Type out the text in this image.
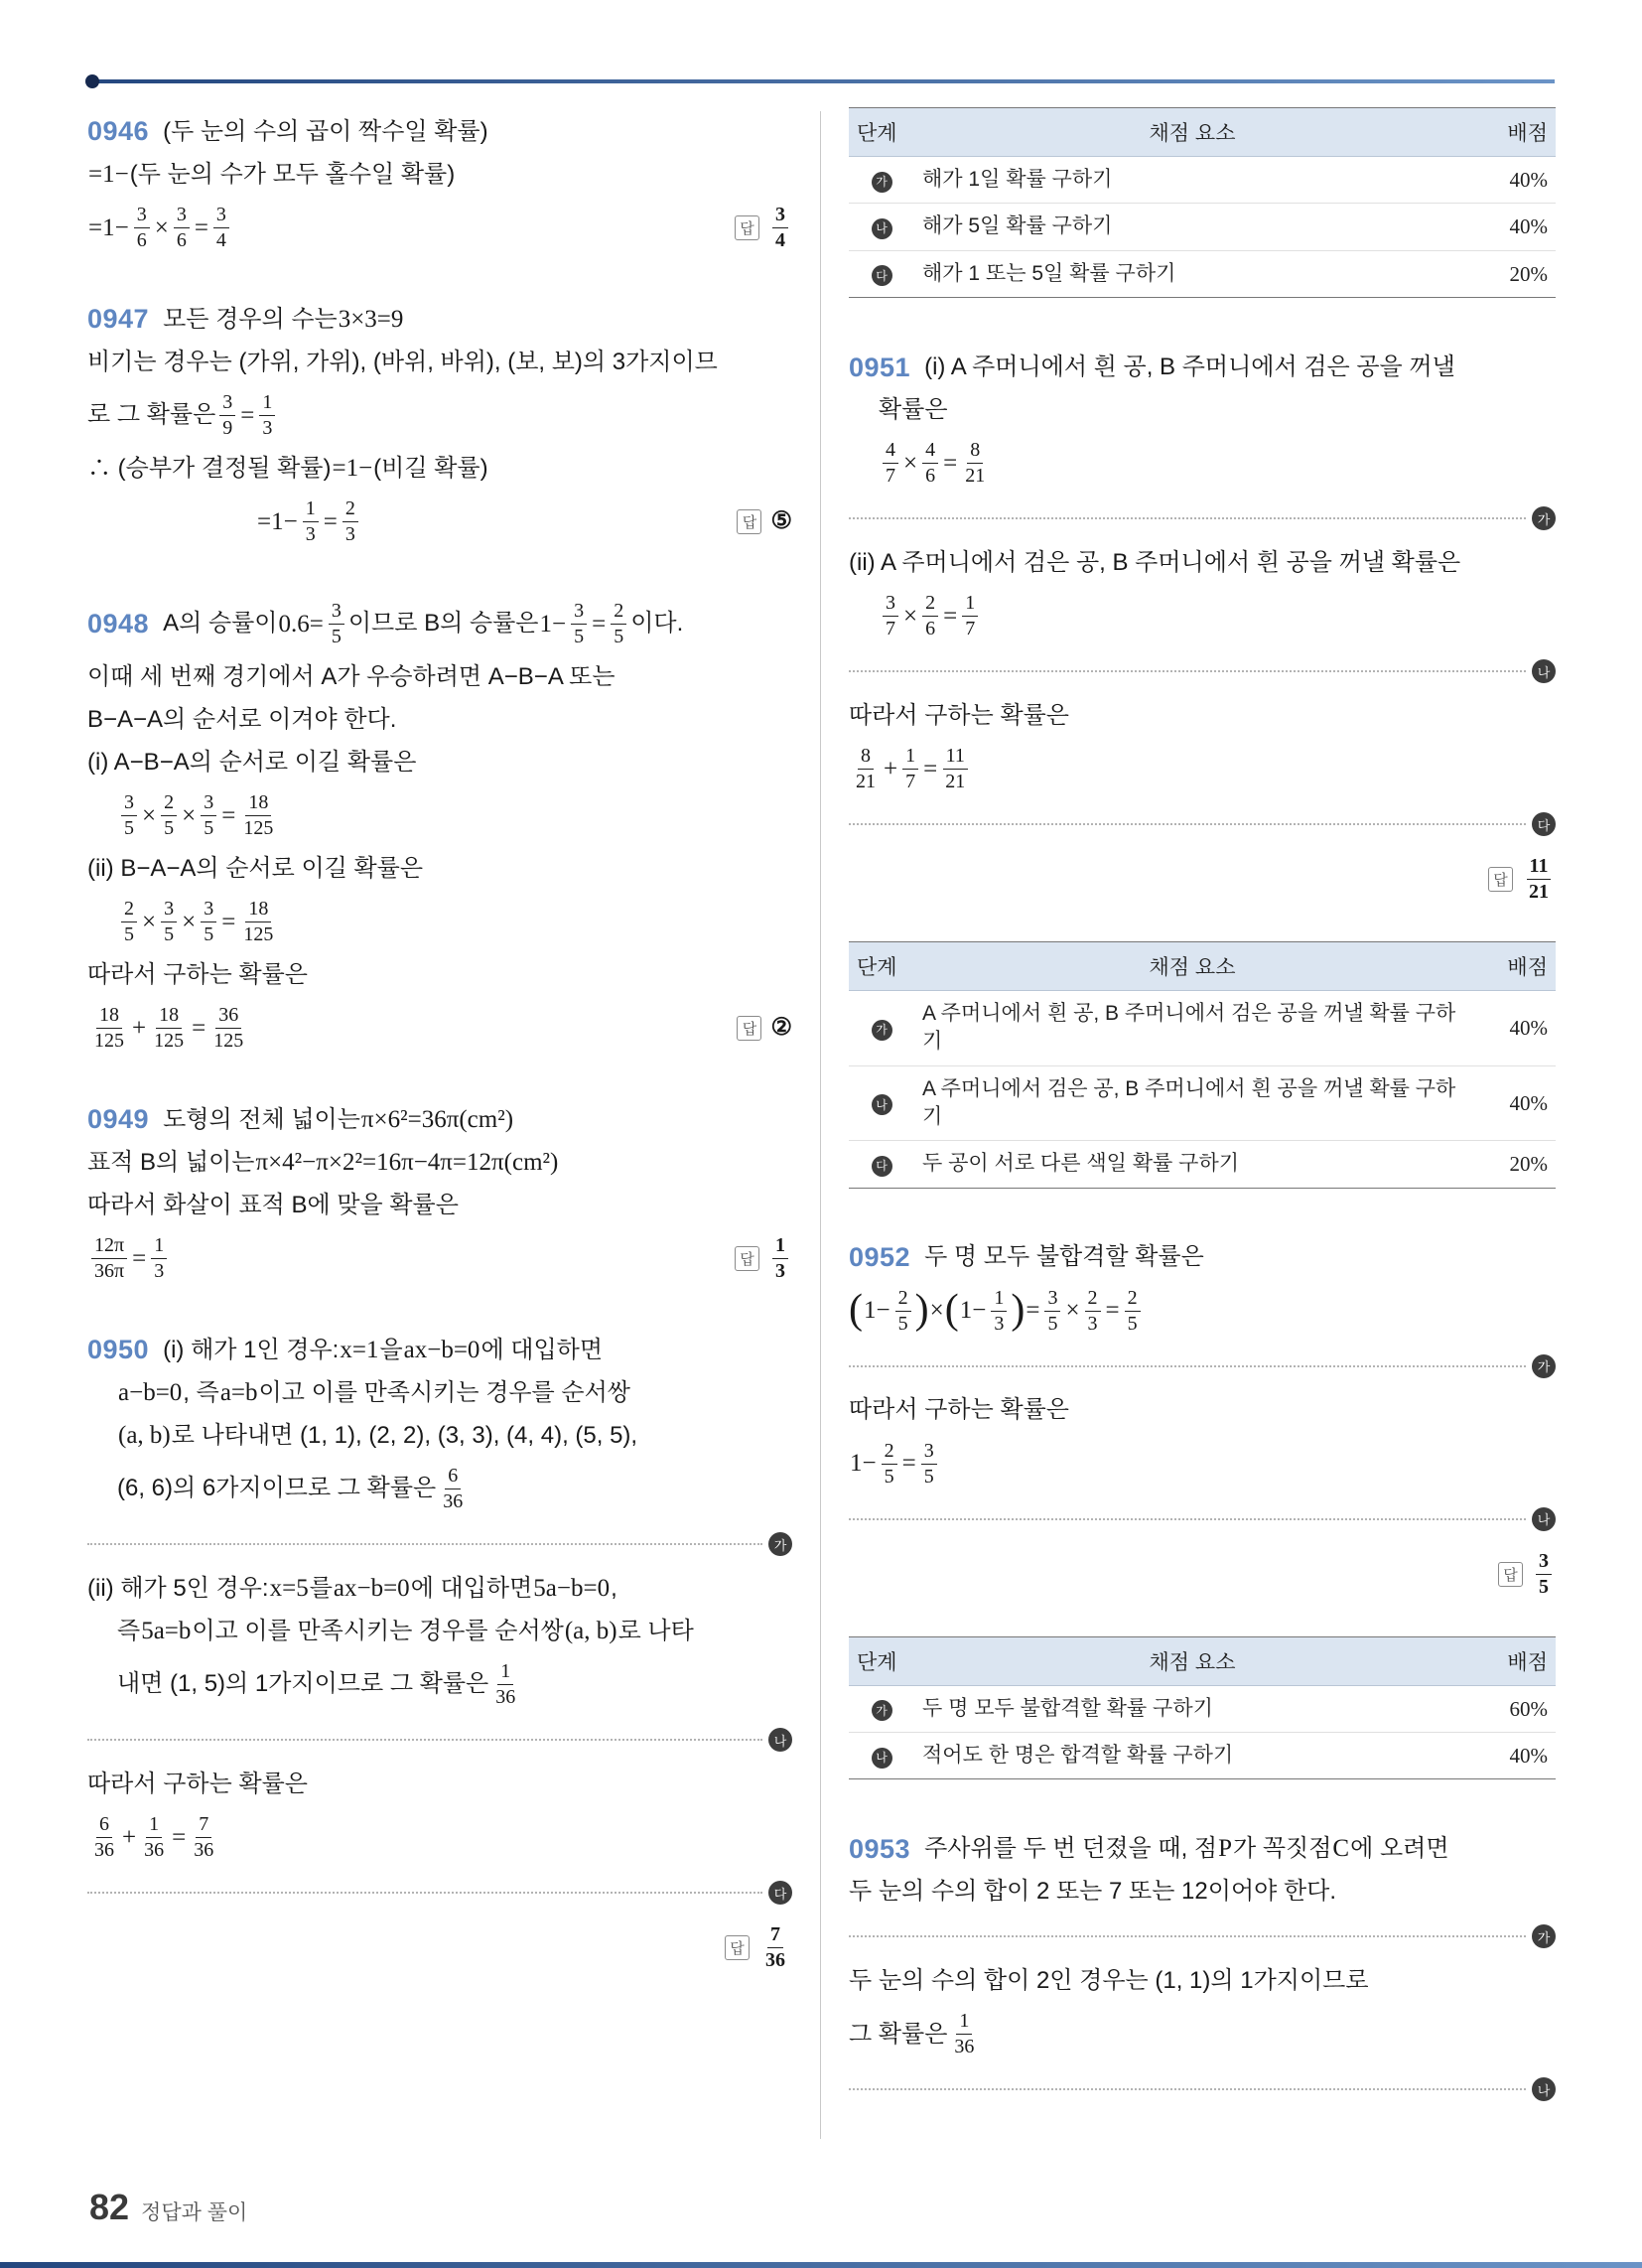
0946 (두 눈의 수의 곱이 짝수일 확률)
=1− (두 눈의 수가 모두 홀수일 확률)
$=1- \frac{3}{6} \times \frac{3}{6} = \frac{3}{4}$	답 $\frac{3}{4}$
0947 모든 경우의 수는 3×3=9
비기는 경우는 (가위, 가위), (바위, 바위), (보, 보)의 3가지이므
로 그 확률은 $\frac{3}{9} = \frac{1}{3}$
∴ (승부가 결정될 확률) =1− (비길 확률)
$=1- \frac{1}{3} = \frac{2}{3}$	답 ⑤
0948 A의 승률이 $0.6= \frac{3}{5}$ 이므로 B의 승률은 $1- \frac{3}{5} = \frac{2}{5}$ 이다.
이때 세 번째 경기에서 A가 우승하려면 A−B−A 또는
B−A−A의 순서로 이겨야 한다.
(i) A−B−A의 순서로 이길 확률은
$\frac{3}{5} \times \frac{2}{5} \times \frac{3}{5} = \frac{18}{125}$
(ii) B−A−A의 순서로 이길 확률은
$\frac{2}{5} \times \frac{3}{5} \times \frac{3}{5} = \frac{18}{125}$
따라서 구하는 확률은
$\frac{18}{125} + \frac{18}{125} = \frac{36}{125}$	답 ②
0949 도형의 전체 넓이는 π×6²=36π(cm²)
표적 B의 넓이는 π×4²−π×2²=16π−4π=12π(cm²)
따라서 화살이 표적 B에 맞을 확률은
$\frac{12\pi}{36\pi} = \frac{1}{3}$	답 $\frac{1}{3}$
0950 (i) 해가 1인 경우: x=1 을 ax−b=0 에 대입하면
a−b=0 , 즉 a=b 이고 이를 만족시키는 경우를 순서쌍
(a, b) 로 나타내면 (1, 1), (2, 2), (3, 3), (4, 4), (5, 5),
(6, 6)의 6가지이므로 그 확률은 $\frac{6}{36}$
가
(ii) 해가 5인 경우: x=5 를 ax−b=0 에 대입하면 5a−b=0 ,
즉 5a=b 이고 이를 만족시키는 경우를 순서쌍 (a, b) 로 나타
내면 (1, 5)의 1가지이므로 그 확률은 $\frac{1}{36}$
나
따라서 구하는 확률은
$\frac{6}{36} + \frac{1}{36} = \frac{7}{36}$
다
답 $\frac{7}{36}$
단계	채점 요소	배점
가	해가 1일 확률 구하기	40%
나	해가 5일 확률 구하기	40%
다	해가 1 또는 5일 확률 구하기	20%
0951 (i) A 주머니에서 흰 공, B 주머니에서 검은 공을 꺼낼
확률은
$\frac{4}{7} \times \frac{4}{6} = \frac{8}{21}$
가
(ii) A 주머니에서 검은 공, B 주머니에서 흰 공을 꺼낼 확률은
$\frac{3}{7} \times \frac{2}{6} = \frac{1}{7}$
나
따라서 구하는 확률은
$\frac{8}{21} + \frac{1}{7} = \frac{11}{21}$
다
답 $\frac{11}{21}$
단계	채점 요소	배점
가	A 주머니에서 흰 공, B 주머니에서 검은 공을 꺼낼 확률 구하기	40%
나	A 주머니에서 검은 공, B 주머니에서 흰 공을 꺼낼 확률 구하기	40%
다	두 공이 서로 다른 색일 확률 구하기	20%
0952 두 명 모두 불합격할 확률은
( $1- \frac{2}{5}$ ) × ( $1- \frac{1}{3}$ ) = $\frac{3}{5} \times \frac{2}{3} = \frac{2}{5}$
가
따라서 구하는 확률은
$1- \frac{2}{5} = \frac{3}{5}$
나
답 $\frac{3}{5}$
단계	채점 요소	배점
가	두 명 모두 불합격할 확률 구하기	60%
나	적어도 한 명은 합격할 확률 구하기	40%
0953 주사위를 두 번 던졌을 때, 점 P 가 꼭짓점 C 에 오려면
두 눈의 수의 합이 2 또는 7 또는 12이어야 한다.
가
두 눈의 수의 합이 2인 경우는 (1, 1)의 1가지이므로
그 확률은 $\frac{1}{36}$
나
82 정답과 풀이
